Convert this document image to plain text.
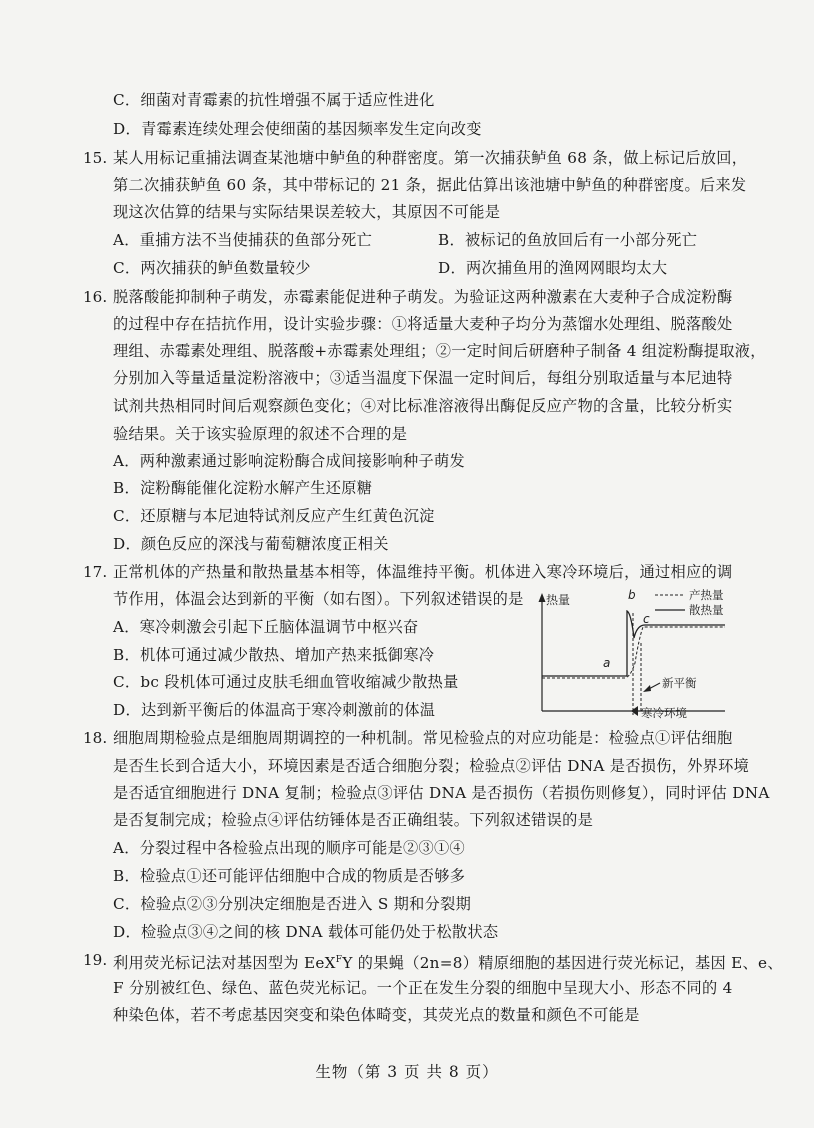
C．细菌对青霉素的抗性增强不属于适应性进化
D．青霉素连续处理会使细菌的基因频率发生定向改变
15. 某人用标记重捕法调查某池塘中鲈鱼的种群密度。第一次捕获鲈鱼 68 条，做上标记后放回，
第二次捕获鲈鱼 60 条，其中带标记的 21 条，据此估算出该池塘中鲈鱼的种群密度。后来发
现这次估算的结果与实际结果误差较大，其原因不可能是
A．重捕方法不当使捕获的鱼部分死亡	B．被标记的鱼放回后有一小部分死亡
C．两次捕获的鲈鱼数量较少	D．两次捕鱼用的渔网网眼均太大
16. 脱落酸能抑制种子萌发，赤霉素能促进种子萌发。为验证这两种激素在大麦种子合成淀粉酶
的过程中存在拮抗作用，设计实验步骤：①将适量大麦种子均分为蒸馏水处理组、脱落酸处
理组、赤霉素处理组、脱落酸+赤霉素处理组；②一定时间后研磨种子制备 4 组淀粉酶提取液，
分别加入等量适量淀粉溶液中；③适当温度下保温一定时间后，每组分别取适量与本尼迪特
试剂共热相同时间后观察颜色变化；④对比标准溶液得出酶促反应产物的含量，比较分析实
验结果。关于该实验原理的叙述不合理的是
A．两种激素通过影响淀粉酶合成间接影响种子萌发
B．淀粉酶能催化淀粉水解产生还原糖
C．还原糖与本尼迪特试剂反应产生红黄色沉淀
D．颜色反应的深浅与葡萄糖浓度正相关
17. 正常机体的产热量和散热量基本相等，体温维持平衡。机体进入寒冷环境后，通过相应的调
节作用，体温会达到新的平衡（如右图）。下列叙述错误的是
A．寒冷刺激会引起下丘脑体温调节中枢兴奋
B．机体可通过减少散热、增加产热来抵御寒冷
C．bc 段机体可通过皮肤毛细血管收缩减少散热量
D．达到新平衡后的体温高于寒冷刺激前的体温
热量	产热量
散热量
a
b
c
新平衡
寒冷环境
18. 细胞周期检验点是细胞周期调控的一种机制。常见检验点的对应功能是：检验点①评估细胞
是否生长到合适大小，环境因素是否适合细胞分裂；检验点②评估 DNA 是否损伤，外界环境
是否适宜细胞进行 DNA 复制；检验点③评估 DNA 是否损伤（若损伤则修复），同时评估 DNA
是否复制完成；检验点④评估纺锤体是否正确组装。下列叙述错误的是
A．分裂过程中各检验点出现的顺序可能是②③①④
B．检验点①还可能评估细胞中合成的物质是否够多
C．检验点②③分别决定细胞是否进入 S 期和分裂期
D．检验点③④之间的核 DNA 载体可能仍处于松散状态
19. 利用荧光标记法对基因型为 EeX$^F$Y 的果蝇（2n=8）精原细胞的基因进行荧光标记，基因 E、e、
F 分别被红色、绿色、蓝色荧光标记。一个正在发生分裂的细胞中呈现大小、形态不同的 4
种染色体，若不考虑基因突变和染色体畸变，其荧光点的数量和颜色不可能是
生物（第 3 页 共 8 页）
